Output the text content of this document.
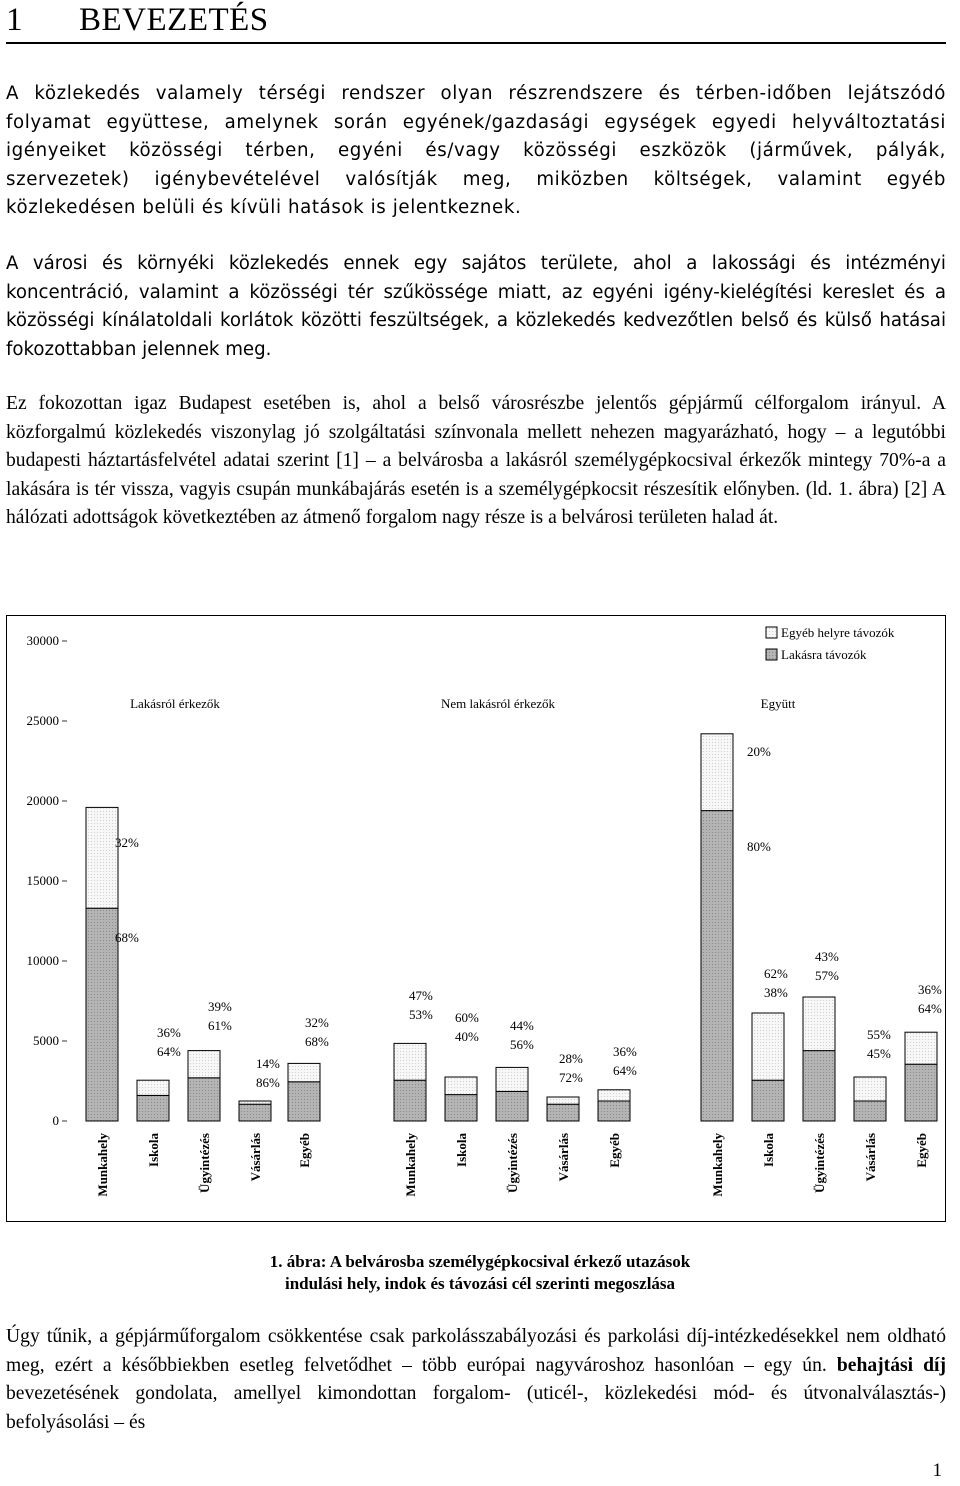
1 BEVEZETÉS

A közlekedés valamely térségi rendszer olyan részrendszere és térben-időben lejátszódó folyamat együttese, amelynek során egyének/gazdasági egységek egyedi helyváltoztatási igényeiket közösségi térben, egyéni és/vagy közösségi eszközök (járművek, pályák, szervezetek) igénybevételével valósítják meg, miközben költségek, valamint egyéb közlekedésen belüli és kívüli hatások is jelentkeznek.

A városi és környéki közlekedés ennek egy sajátos területe, ahol a lakossági és intézményi koncentráció, valamint a közösségi tér szűkössége miatt, az egyéni igény-kielégítési kereslet és a közösségi kínálatoldali korlátok közötti feszültségek, a közlekedés kedvezőtlen belső és külső hatásai fokozottabban jelennek meg.

Ez fokozottan igaz Budapest esetében is, ahol a belső városrészbe jelentős gépjármű célforgalom irányul. A közforgalmú közlekedés viszonylag jó szolgáltatási színvonala mellett nehezen magyarázható, hogy – a legutóbbi budapesti háztartásfelvétel adatai szerint [1] – a belvárosba a lakásról személygépkocsival érkezők mintegy 70%-a a lakására is tér vissza, vagyis csupán munkábajárás esetén is a személygépkocsit részesítik előnyben. (ld. 1. ábra) [2] A hálózati adottságok következtében az átmenő forgalom nagy része is a belvárosi területen halad át.

0
5000
10000
15000
20000
25000
30000
32%
68%
36%
64%
39%
61%
14%
86%
32%
68%
47%
53% 60%
40%
44%
56%
28%
72%
36%
64%
20%
80%
62%
38%
43%
57%
55%
45%
36%
64%
Lakásról érkezők	Nem lakásról érkezők	Együtt
Munkahely	Iskola	Ügyintézés	Vásárlás	Egyéb	Munkahely	Iskola	Ügyintézés	Vásárlás	Egyéb	Munkahely	Iskola	Ügyintézés	Vásárlás	Egyéb
Egyéb helyre távozók
Lakásra távozók
1. ábra: A belvárosba személygépkocsival érkező utazások
indulási hely, indok és távozási cél szerinti megoszlása

Úgy tűnik, a gépjárműforgalom csökkentése csak parkolásszabályozási és parkolási díj-intézkedésekkel nem oldható meg, ezért a későbbiekben esetleg felvetődhet – több európai nagyvároshoz hasonlóan – egy ún. behajtási díj bevezetésének gondolata, amellyel kimondottan forgalom- (uticél-, közlekedési mód- és útvonalválasztás-) befolyásolási – és

1
